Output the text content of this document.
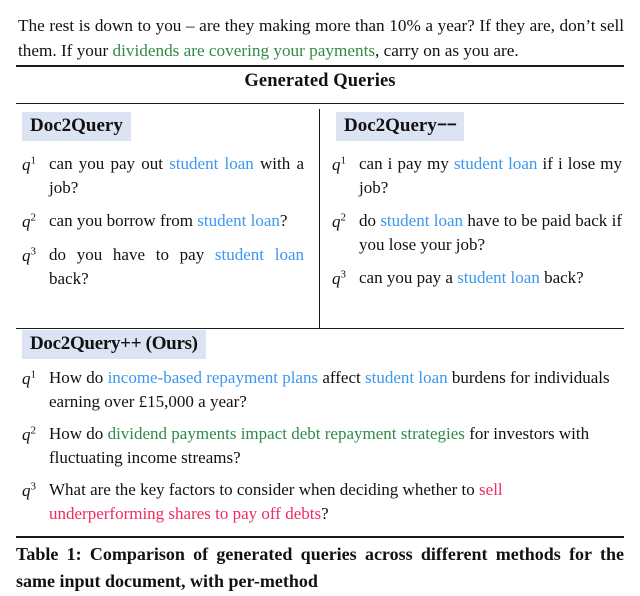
The rest is down to you – are they making more than 10% a year? If they are, don’t sell them. If your dividends are covering your payments, carry on as you are.

Generated Queries
Doc2Query	Doc2Query−−
Doc2Query++ (Ours)
$q^1$ can you pay out student loan with a job?
$q^2$ can you borrow from student loan?
$q^3$ do you have to pay student loan back?
$q^1$ can i pay my student loan if i lose my job?
$q^2$ do student loan have to be paid back if you lose your job?
$q^3$ can you pay a student loan back?
$q^1$ How do income-based repayment plans affect student loan burdens for individuals earning over £15,000 a year?
$q^2$ How do dividend payments impact debt repayment strategies for investors with fluctuating income streams?
$q^3$ What are the key factors to consider when deciding whether to sell underperforming shares to pay off debts?
Table 1: Comparison of generated queries across different methods for the same input document, with per-method
